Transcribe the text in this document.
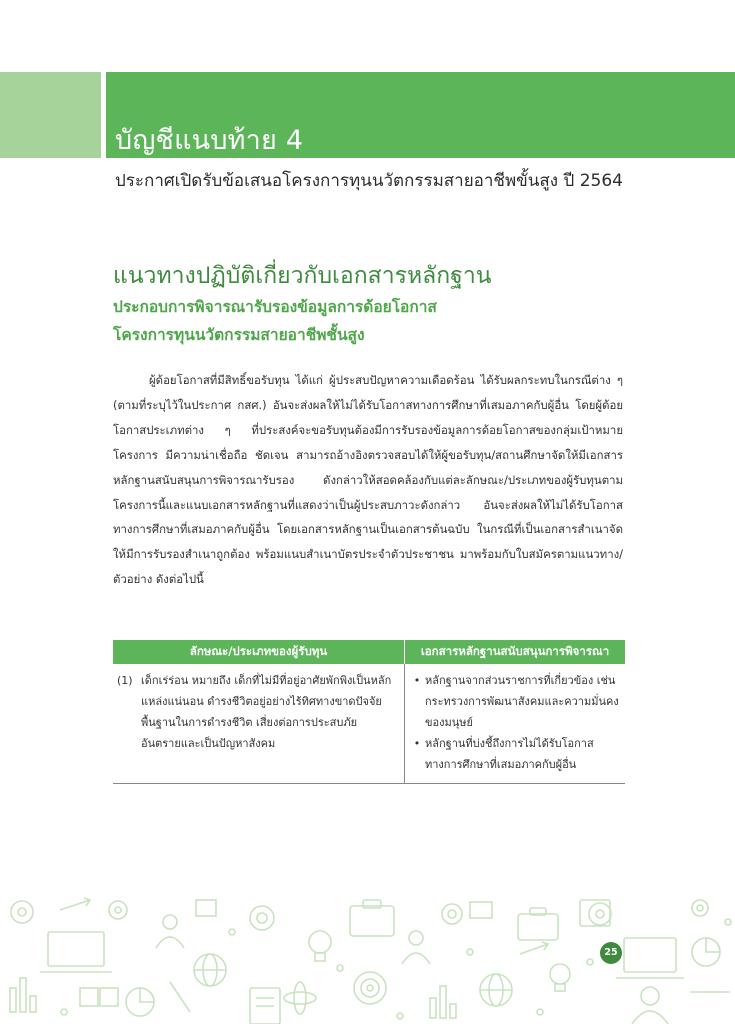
บัญชีแนบท้าย 4
ประกาศเปิดรับข้อเสนอโครงการทุนนวัตกรรมสายอาชีพขั้นสูง ปี 2564
แนวทางปฏิบัติเกี่ยวกับเอกสารหลักฐาน
ประกอบการพิจารณารับรองข้อมูลการด้อยโอกาส
โครงการทุนนวัตกรรมสายอาชีพชั้นสูง
ผู้ด้อยโอกาสที่มีสิทธิ์ขอรับทุน ได้แก่ ผู้ประสบปัญหาความเดือดร้อน ได้รับผลกระทบในกรณีต่าง ๆ (ตามที่ระบุไว้ในประกาศ กสศ.) อันจะส่งผลให้ไม่ได้รับโอกาสทางการศึกษาที่เสมอภาคกับผู้อื่น โดยผู้ด้อยโอกาสประเภทต่าง ๆ ที่ประสงค์จะขอรับทุนต้องมีการรับรองข้อมูลการด้อยโอกาสของกลุ่มเป้าหมายโครงการ มีความน่าเชื่อถือ ชัดเจน สามารถอ้างอิงตรวจสอบได้ให้ผู้ขอรับทุน/สถานศึกษาจัดให้มีเอกสารหลักฐานสนับสนุนการพิจารณารับรอง ดังกล่าวให้สอดคล้องกับแต่ละลักษณะ/ประเภทของผู้รับทุนตามโครงการนี้และแนบเอกสารหลักฐานที่แสดงว่าเป็นผู้ประสบภาวะดังกล่าว อันจะส่งผลให้ไม่ได้รับโอกาสทางการศึกษาที่เสมอภาคกับผู้อื่น โดยเอกสารหลักฐานเป็นเอกสารต้นฉบับ ในกรณีที่เป็นเอกสารสำเนาจัดให้มีการรับรองสำเนาถูกต้อง พร้อมแนบสำเนาบัตรประจำตัวประชาชน มาพร้อมกับใบสมัครตามแนวทาง/ตัวอย่าง ดังต่อไปนี้
ลักษณะ/ประเภทของผู้รับทุน	เอกสารหลักฐานสนับสนุนการพิจารณา
(1) เด็กเร่ร่อน หมายถึง เด็กที่ไม่มีที่อยู่อาศัยพักพิงเป็นหลักแหล่งแน่นอน ดำรงชีวิตอยู่อย่างไร้ทิศทางขาดปัจจัยพื้นฐานในการดำรงชีวิต เสี่ยงต่อการประสบภัยอันตรายและเป็นปัญหาสังคม	• หลักฐานจากส่วนราชการที่เกี่ยวข้อง เช่น กระทรวงการพัฒนาสังคมและความมั่นคงของมนุษย์
• หลักฐานที่บ่งชี้ถึงการไม่ได้รับโอกาสทางการศึกษาที่เสมอภาคกับผู้อื่น
25
